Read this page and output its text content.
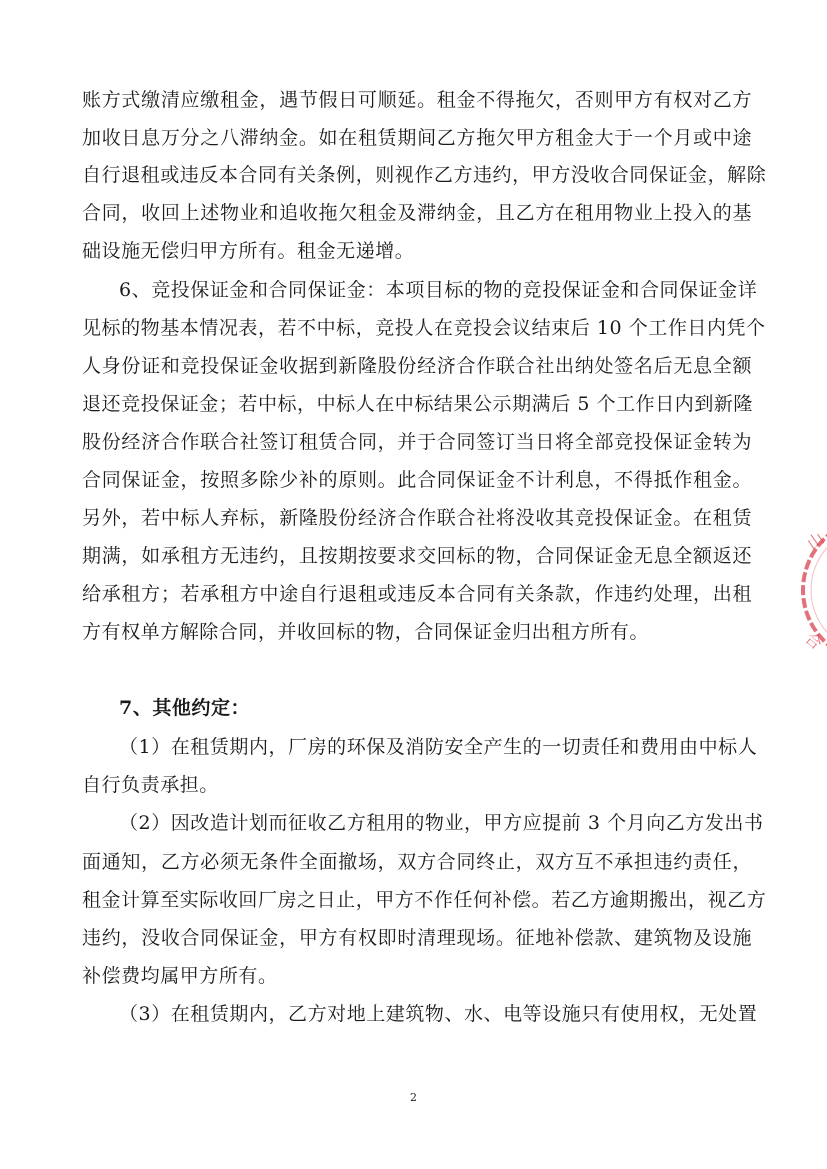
账方式缴清应缴租金，遇节假日可顺延。租金不得拖欠，否则甲方有权对乙方
加收日息万分之八滞纳金。如在租赁期间乙方拖欠甲方租金大于一个月或中途
自行退租或违反本合同有关条例，则视作乙方违约，甲方没收合同保证金，解除
合同，收回上述物业和追收拖欠租金及滞纳金，且乙方在租用物业上投入的基
础设施无偿归甲方所有。租金无递增。
6、竞投保证金和合同保证金：本项目标的物的竞投保证金和合同保证金详
见标的物基本情况表，若不中标，竞投人在竞投会议结束后 10 个工作日内凭个
人身份证和竞投保证金收据到新隆股份经济合作联合社出纳处签名后无息全额
退还竞投保证金；若中标，中标人在中标结果公示期满后 5 个工作日内到新隆
股份经济合作联合社签订租赁合同，并于合同签订当日将全部竞投保证金转为
合同保证金，按照多除少补的原则。此合同保证金不计利息，不得抵作租金。
另外，若中标人弃标，新隆股份经济合作联合社将没收其竞投保证金。在租赁
期满，如承租方无违约，且按期按要求交回标的物，合同保证金无息全额返还
给承租方；若承租方中途自行退租或违反本合同有关条款，作违约处理，出租
方有权单方解除合同，并收回标的物，合同保证金归出租方所有。
7、其他约定：
（1）在租赁期内，厂房的环保及消防安全产生的一切责任和费用由中标人
自行负责承担。
（2）因改造计划而征收乙方租用的物业，甲方应提前 3 个月向乙方发出书
面通知，乙方必须无条件全面撤场，双方合同终止，双方互不承担违约责任，
租金计算至实际收回厂房之日止，甲方不作任何补偿。若乙方逾期搬出，视乙方
违约，没收合同保证金，甲方有权即时清理现场。征地补偿款、建筑物及设施
补偿费均属甲方所有。
（3）在租赁期内，乙方对地上建筑物、水、电等设施只有使用权，无处置
2
山
合
